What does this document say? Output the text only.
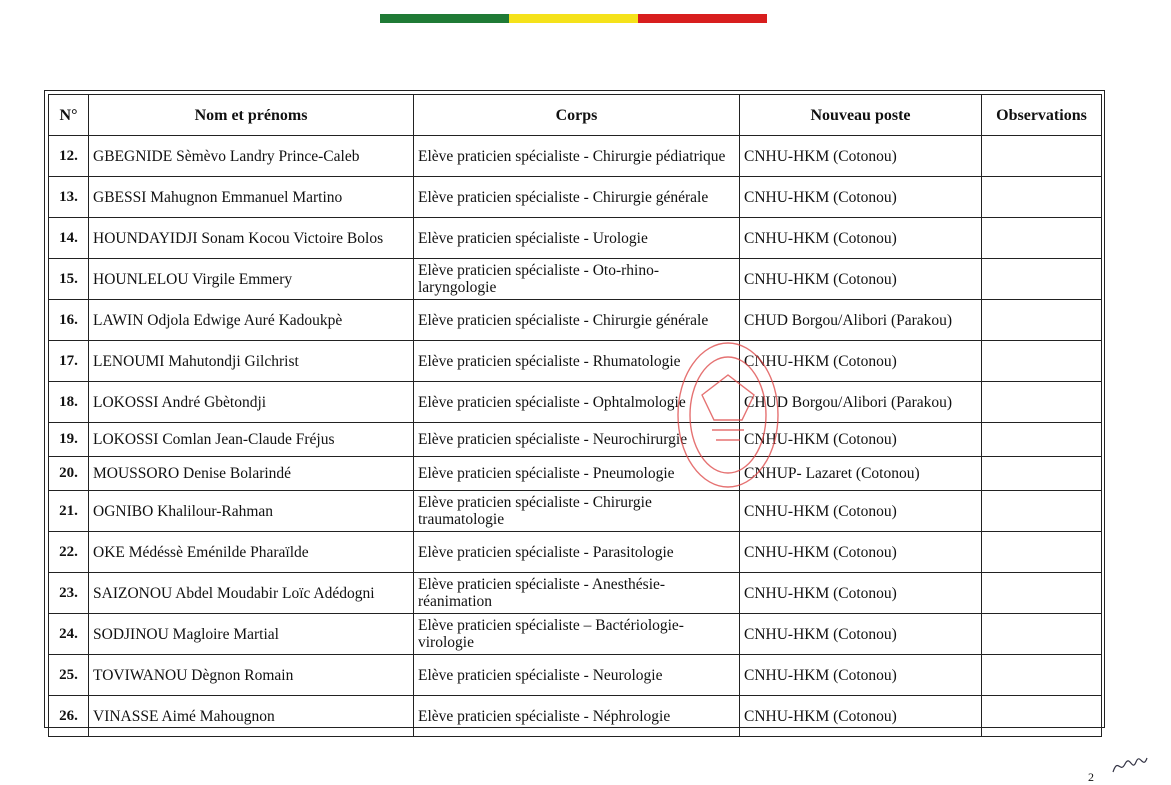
N°	Nom et prénoms	Corps	Nouveau poste	Observations
12.	GBEGNIDE Sèmèvo Landry Prince-Caleb	Elève praticien spécialiste - Chirurgie pédiatrique	CNHU-HKM (Cotonou)	
13.	GBESSI Mahugnon Emmanuel Martino	Elève praticien spécialiste - Chirurgie générale	CNHU-HKM (Cotonou)	
14.	HOUNDAYIDJI Sonam Kocou Victoire Bolos	Elève praticien spécialiste - Urologie	CNHU-HKM (Cotonou)	
15.	HOUNLELOU Virgile Emmery	Elève praticien spécialiste - Oto-rhino-laryngologie	CNHU-HKM (Cotonou)	
16.	LAWIN Odjola Edwige Auré Kadoukpè	Elève praticien spécialiste - Chirurgie générale	CHUD Borgou/Alibori (Parakou)	
17.	LENOUMI Mahutondji Gilchrist	Elève praticien spécialiste - Rhumatologie	CNHU-HKM (Cotonou)	
18.	LOKOSSI André Gbètondji	Elève praticien spécialiste - Ophtalmologie	CHUD Borgou/Alibori (Parakou)	
19.	LOKOSSI Comlan Jean-Claude Fréjus	Elève praticien spécialiste - Neurochirurgie	CNHU-HKM (Cotonou)	
20.	MOUSSORO Denise Bolarindé	Elève praticien spécialiste - Pneumologie	CNHUP- Lazaret (Cotonou)	
21.	OGNIBO Khalilour-Rahman	Elève praticien spécialiste - Chirurgie traumatologie	CNHU-HKM (Cotonou)	
22.	OKE Médéssè Eménilde Pharaïlde	Elève praticien spécialiste - Parasitologie	CNHU-HKM (Cotonou)	
23.	SAIZONOU Abdel Moudabir Loïc Adédogni	Elève praticien spécialiste - Anesthésie-réanimation	CNHU-HKM (Cotonou)	
24.	SODJINOU Magloire Martial	Elève praticien spécialiste – Bactériologie-virologie	CNHU-HKM (Cotonou)	
25.	TOVIWANOU Dègnon Romain	Elève praticien spécialiste - Neurologie	CNHU-HKM (Cotonou)	
26.	VINASSE Aimé Mahougnon	Elève praticien spécialiste - Néphrologie	CNHU-HKM (Cotonou)	
2
